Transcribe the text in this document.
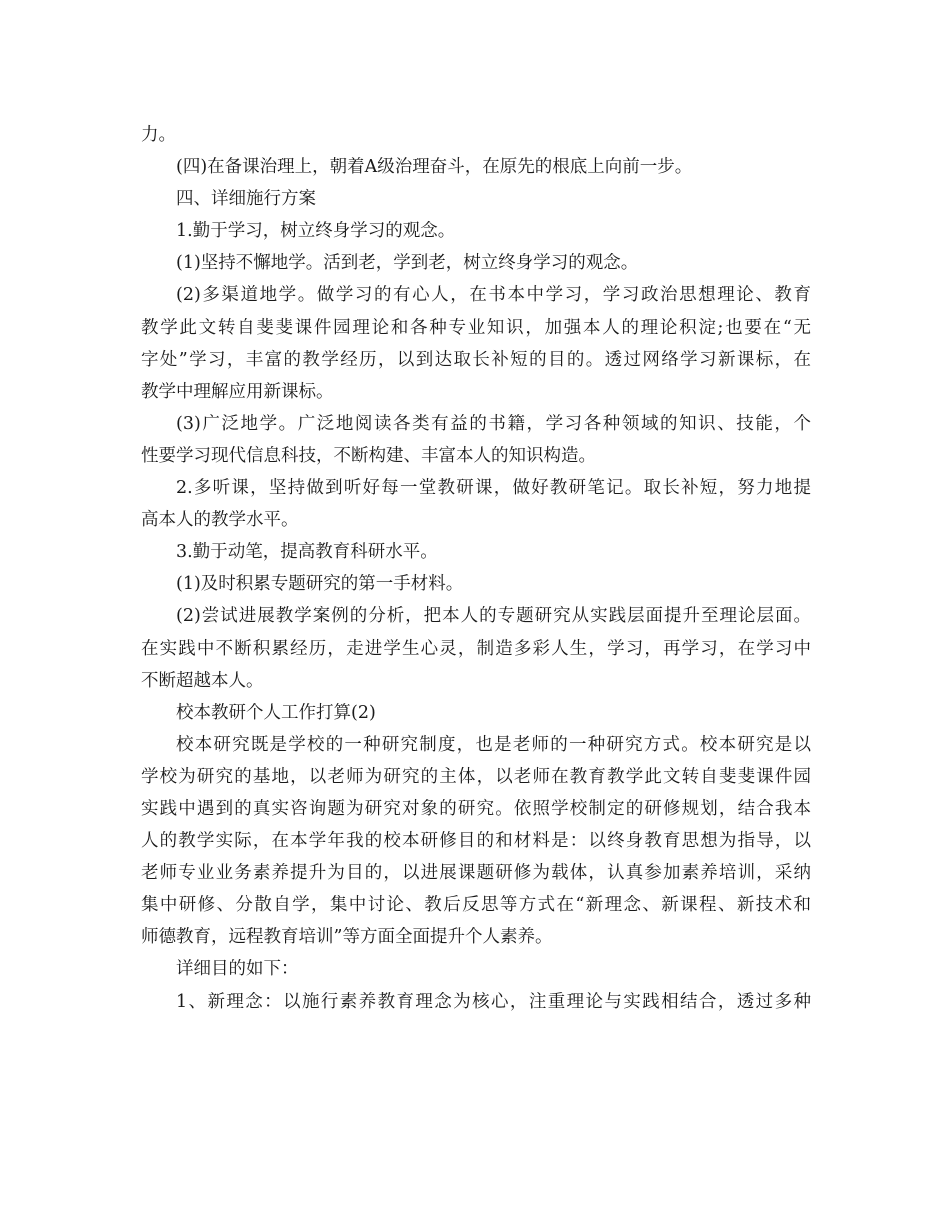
力。
(四)在备课治理上，朝着A级治理奋斗，在原先的根底上向前一步。
四、详细施行方案
1.勤于学习，树立终身学习的观念。
(1)坚持不懈地学。活到老，学到老，树立终身学习的观念。
(2)多渠道地学。做学习的有心人，在书本中学习，学习政治思想理论、教育
教学此文转自斐斐课件园理论和各种专业知识，加强本人的理论积淀;也要在“无
字处”学习，丰富的教学经历，以到达取长补短的目的。透过网络学习新课标，在
教学中理解应用新课标。
(3)广泛地学。广泛地阅读各类有益的书籍，学习各种领域的知识、技能，个
性要学习现代信息科技，不断构建、丰富本人的知识构造。
2.多听课，坚持做到听好每一堂教研课，做好教研笔记。取长补短，努力地提
高本人的教学水平。
3.勤于动笔，提高教育科研水平。
(1)及时积累专题研究的第一手材料。
(2)尝试进展教学案例的分析，把本人的专题研究从实践层面提升至理论层面。
在实践中不断积累经历，走进学生心灵，制造多彩人生，学习，再学习，在学习中
不断超越本人。
校本教研个人工作打算(2)
校本研究既是学校的一种研究制度，也是老师的一种研究方式。校本研究是以
学校为研究的基地，以老师为研究的主体，以老师在教育教学此文转自斐斐课件园
实践中遇到的真实咨询题为研究对象的研究。依照学校制定的研修规划，结合我本
人的教学实际，在本学年我的校本研修目的和材料是：以终身教育思想为指导，以
老师专业业务素养提升为目的，以进展课题研修为载体，认真参加素养培训，采纳
集中研修、分散自学，集中讨论、教后反思等方式在“新理念、新课程、新技术和
师德教育，远程教育培训”等方面全面提升个人素养。
详细目的如下：
1、新理念：以施行素养教育理念为核心，注重理论与实践相结合，透过多种
